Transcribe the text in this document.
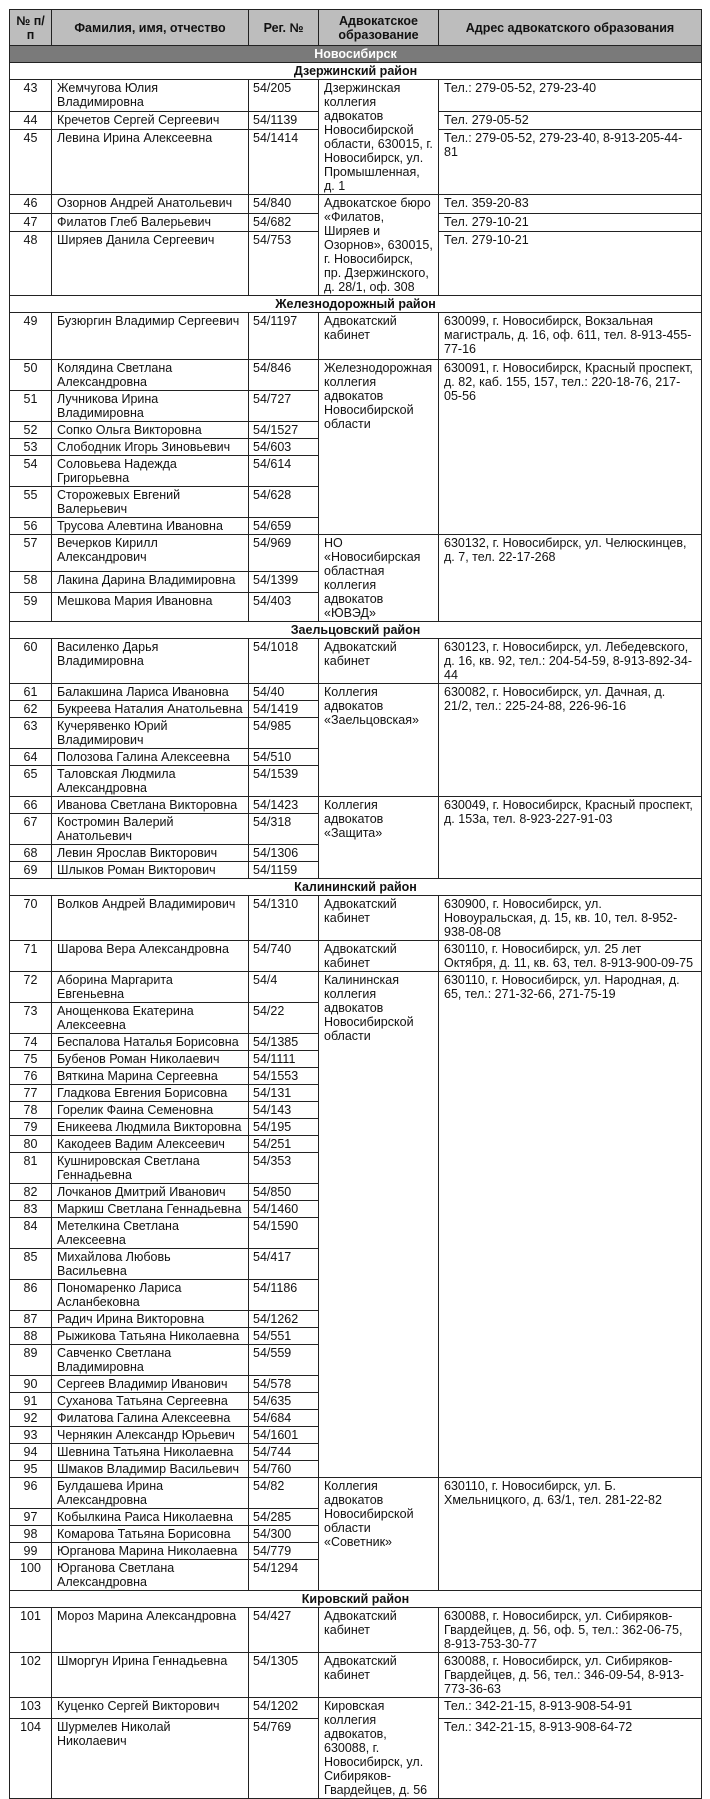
№ п/п	Фамилия, имя, отчество	Рег. №	Адвокатское образование	Адрес адвокатского образования
Новосибирск				
Дзержинский район				
43	Жемчугова Юлия Владимировна	54/205	Дзержинская коллегия адвокатов Новосибирской области, 630015, г. Новосибирск, ул. Промышленная, д. 1	Тел.: 279-05-52, 279-23-40
44	Кречетов Сергей Сергеевич	54/1139		Тел. 279-05-52
45	Левина Ирина Алексеевна	54/1414		Тел.: 279-05-52, 279-23-40, 8-913-205-44-81
46	Озорнов Андрей Анатольевич	54/840	Адвокатское бюро «Филатов, Ширяев и Озорнов», 630015, г. Новосибирск, пр. Дзержинского, д. 28/1, оф. 308	Тел. 359-20-83
47	Филатов Глеб Валерьевич	54/682		Тел. 279-10-21
48	Ширяев Данила Сергеевич	54/753		Тел. 279-10-21
Железнодорожный район				
49	Бузюргин Владимир Сергеевич	54/1197	Адвокатский кабинет	630099, г. Новосибирск, Вокзальная магистраль, д. 16, оф. 611, тел. 8-913-455-77-16
50	Колядина Светлана Александровна	54/846	Железнодорожная коллегия адвокатов Новосибирской области	630091, г. Новосибирск, Красный проспект, д. 82, каб. 155, 157, тел.: 220-18-76, 217-05-56
51	Лучникова Ирина Владимировна	54/727		
52	Сопко Ольга Викторовна	54/1527		
53	Слободник Игорь Зиновьевич	54/603		
54	Соловьева Надежда Григорьевна	54/614		
55	Сторожевых Евгений Валерьевич	54/628		
56	Трусова Алевтина Ивановна	54/659		
57	Вечерков Кирилл Александрович	54/969	НО «Новосибирская областная коллегия адвокатов «ЮВЭД»	630132, г. Новосибирск, ул. Челюскинцев, д. 7, тел. 22-17-268
58	Лакина Дарина Владимировна	54/1399		
59	Мешкова Мария Ивановна	54/403		
Заельцовский район				
60	Василенко Дарья Владимировна	54/1018	Адвокатский кабинет	630123, г. Новосибирск, ул. Лебедевского, д. 16, кв. 92, тел.: 204-54-59, 8-913-892-34-44
61	Балакшина Лариса Ивановна	54/40	Коллегия адвокатов «Заельцовская»	630082, г. Новосибирск, ул. Дачная, д. 21/2, тел.: 225-24-88, 226-96-16
62	Букреева Наталия Анатольевна	54/1419		
63	Кучерявенко Юрий Владимирович	54/985		
64	Полозова Галина Алексеевна	54/510		
65	Таловская Людмила Александровна	54/1539		
66	Иванова Светлана Викторовна	54/1423	Коллегия адвокатов «Защита»	630049, г. Новосибирск, Красный проспект, д. 153а, тел. 8-923-227-91-03
67	Костромин Валерий Анатольевич	54/318		
68	Левин Ярослав Викторович	54/1306		
69	Шлыков Роман Викторович	54/1159		
Калининский район				
70	Волков Андрей Владимирович	54/1310	Адвокатский кабинет	630900, г. Новосибирск, ул. Новоуральская, д. 15, кв. 10, тел. 8-952-938-08-08
71	Шарова Вера Александровна	54/740	Адвокатский кабинет	630110, г. Новосибирск, ул. 25 лет Октября, д. 11, кв. 63, тел. 8-913-900-09-75
72	Аборина Маргарита Евгеньевна	54/4	Калининская коллегия адвокатов Новосибирской области	630110, г. Новосибирск, ул. Народная, д. 65, тел.: 271-32-66, 271-75-19
73	Анощенкова Екатерина Алексеевна	54/22		
74	Беспалова Наталья Борисовна	54/1385		
75	Бубенов Роман Николаевич	54/1111		
76	Вяткина Марина Сергеевна	54/1553		
77	Гладкова Евгения Борисовна	54/131		
78	Горелик Фаина Семеновна	54/143		
79	Еникеева Людмила Викторовна	54/195		
80	Какодеев Вадим Алексеевич	54/251		
81	Кушнировская Светлана Геннадьевна	54/353		
82	Лочканов Дмитрий Иванович	54/850		
83	Маркиш Светлана Геннадьевна	54/1460		
84	Метелкина Светлана Алексеевна	54/1590		
85	Михайлова Любовь Васильевна	54/417		
86	Пономаренко Лариса Асланбековна	54/1186		
87	Радич Ирина Викторовна	54/1262		
88	Рыжикова Татьяна Николаевна	54/551		
89	Савченко Светлана Владимировна	54/559		
90	Сергеев Владимир Иванович	54/578		
91	Суханова Татьяна Сергеевна	54/635		
92	Филатова Галина Алексеевна	54/684		
93	Чернякин Александр Юрьевич	54/1601		
94	Шевнина Татьяна Николаевна	54/744		
95	Шмаков Владимир Васильевич	54/760		
96	Булдашева Ирина Александровна	54/82	Коллегия адвокатов Новосибирской области «Советник»	630110, г. Новосибирск, ул. Б. Хмельницкого, д. 63/1, тел. 281-22-82
97	Кобылкина Раиса Николаевна	54/285		
98	Комарова Татьяна Борисовна	54/300		
99	Юрганова Марина Николаевна	54/779		
100	Юрганова Светлана Александровна	54/1294		
Кировский район				
101	Мороз Марина Александровна	54/427	Адвокатский кабинет	630088, г. Новосибирск, ул. Сибиряков-Гвардейцев, д. 56, оф. 5, тел.: 362-06-75, 8-913-753-30-77
102	Шморгун Ирина Геннадьевна	54/1305	Адвокатский кабинет	630088, г. Новосибирск, ул. Сибиряков-Гвардейцев, д. 56, тел.: 346-09-54, 8-913-773-36-63
103	Куценко Сергей Викторович	54/1202	Кировская коллегия адвокатов, 630088, г. Новосибирск, ул. Сибиряков-Гвардейцев, д. 56	Тел.: 342-21-15, 8-913-908-54-91
104	Шурмелев Николай Николаевич	54/769		Тел.: 342-21-15, 8-913-908-64-72
